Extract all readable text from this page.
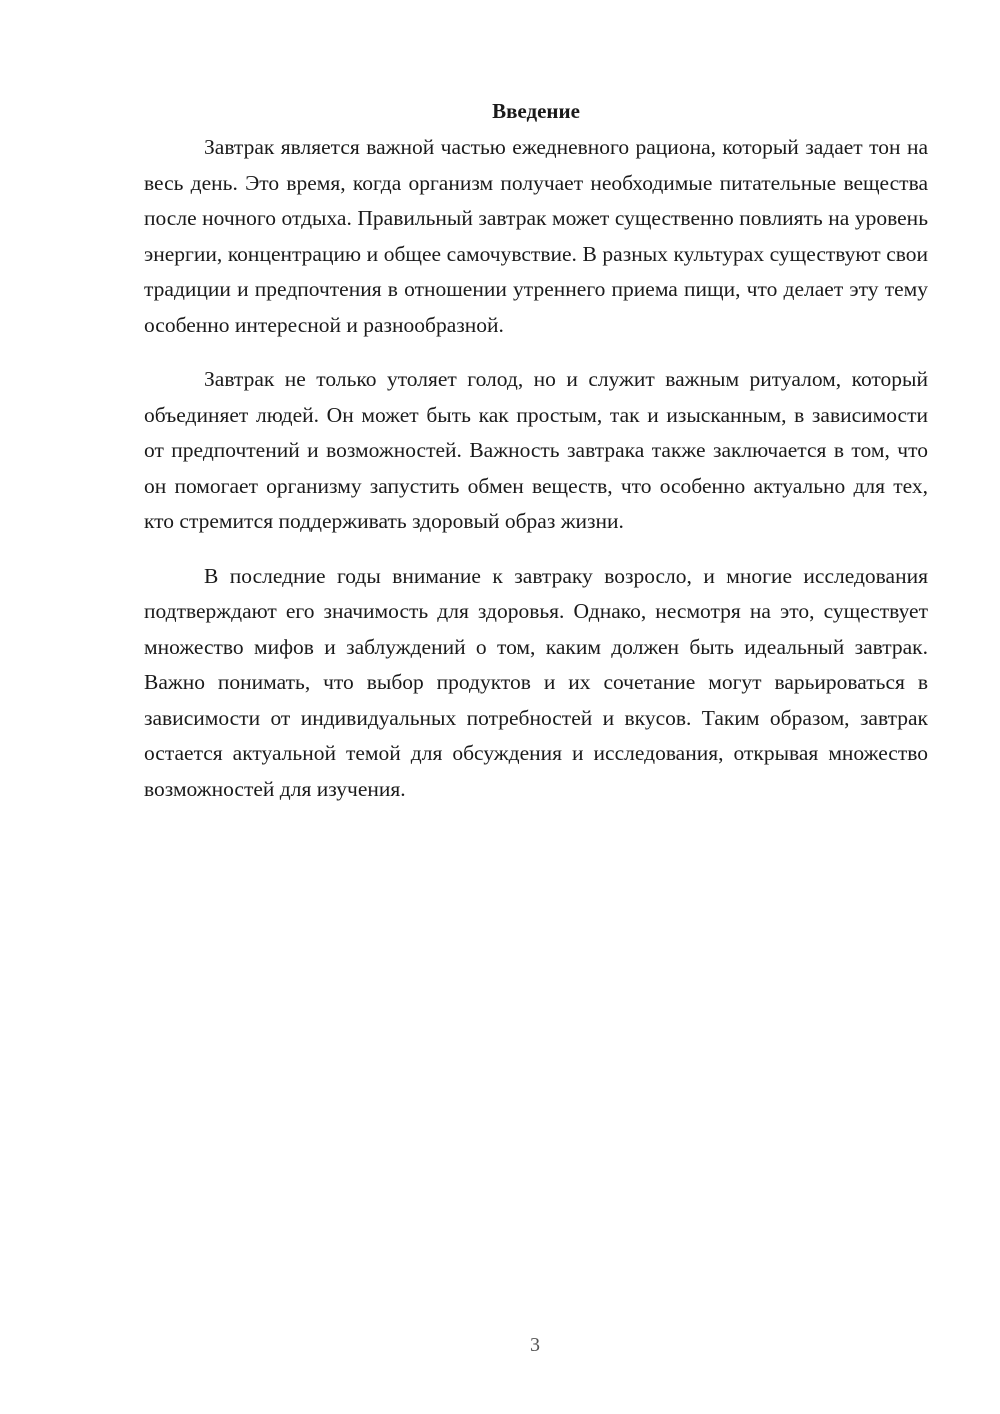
Введение

Завтрак является важной частью ежедневного рациона, который задает тон на весь день. Это время, когда организм получает необходимые питательные вещества после ночного отдыха. Правильный завтрак может существенно повлиять на уровень энергии, концентрацию и общее самочувствие. В разных культурах существуют свои традиции и предпочтения в отношении утреннего приема пищи, что делает эту тему особенно интересной и разнообразной.

Завтрак не только утоляет голод, но и служит важным ритуалом, который объединяет людей. Он может быть как простым, так и изысканным, в зависимости от предпочтений и возможностей. Важность завтрака также заключается в том, что он помогает организму запустить обмен веществ, что особенно актуально для тех, кто стремится поддерживать здоровый образ жизни.

В последние годы внимание к завтраку возросло, и многие исследования подтверждают его значимость для здоровья. Однако, несмотря на это, существует множество мифов и заблуждений о том, каким должен быть идеальный завтрак. Важно понимать, что выбор продуктов и их сочетание могут варьироваться в зависимости от индивидуальных потребностей и вкусов. Таким образом, завтрак остается актуальной темой для обсуждения и исследования, открывая множество возможностей для изучения.

3
